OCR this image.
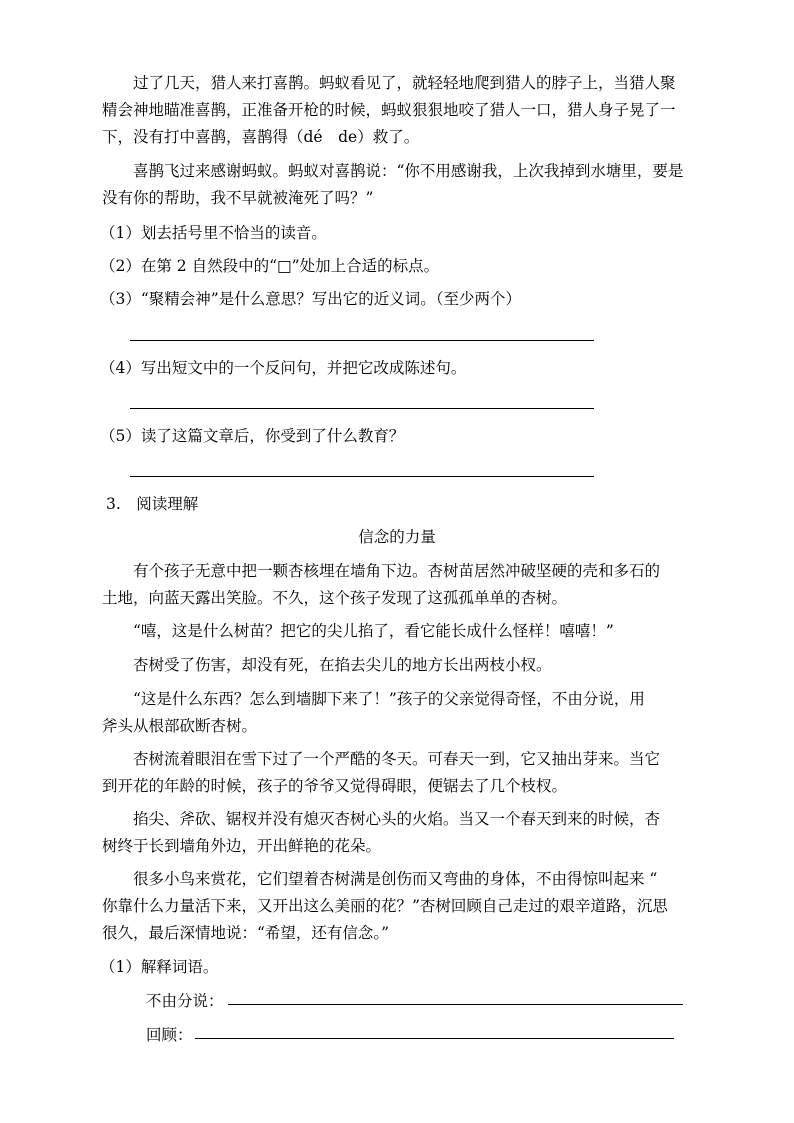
　　过了几天，猎人来打喜鹊。蚂蚁看见了，就轻轻地爬到猎人的脖子上，当猎人聚
精会神地瞄准喜鹊，正准备开枪的时候，蚂蚁狠狠地咬了猎人一口，猎人身子晃了一
下，没有打中喜鹊，喜鹊得（dé　de）救了。
　　喜鹊飞过来感谢蚂蚁。蚂蚁对喜鹊说：“你不用感谢我，上次我掉到水塘里，要是
没有你的帮助，我不早就被淹死了吗？”
（1）划去括号里不恰当的读音。
（2）在第 2 自然段中的“□”处加上合适的标点。
（3）“聚精会神”是什么意思？写出它的近义词。（至少两个）
（4）写出短文中的一个反问句，并把它改成陈述句。
（5）读了这篇文章后，你受到了什么教育？
3.　阅读理解
信念的力量
　　有个孩子无意中把一颗杏核埋在墙角下边。杏树苗居然冲破坚硬的壳和多石的
土地，向蓝天露出笑脸。不久，这个孩子发现了这孤孤单单的杏树。
　　“嘻，这是什么树苗？把它的尖儿掐了，看它能长成什么怪样！嘻嘻！”
　　杏树受了伤害，却没有死，在掐去尖儿的地方长出两枝小杈。
　　“这是什么东西？怎么到墙脚下来了！”孩子的父亲觉得奇怪，不由分说，用
斧头从根部砍断杏树。
　　杏树流着眼泪在雪下过了一个严酷的冬天。可春天一到，它又抽出芽来。当它
到开花的年龄的时候，孩子的爷爷又觉得碍眼，便锯去了几个枝杈。
　　掐尖、斧砍、锯杈并没有熄灭杏树心头的火焰。当又一个春天到来的时候，杏
树终于长到墙角外边，开出鲜艳的花朵。
　　很多小鸟来赏花，它们望着杏树满是创伤而又弯曲的身体，不由得惊叫起来 “
你靠什么力量活下来，又开出这么美丽的花？”杏树回顾自己走过的艰辛道路，沉思
很久，最后深情地说：“希望，还有信念。”
（1）解释词语。
不由分说：
回顾：
